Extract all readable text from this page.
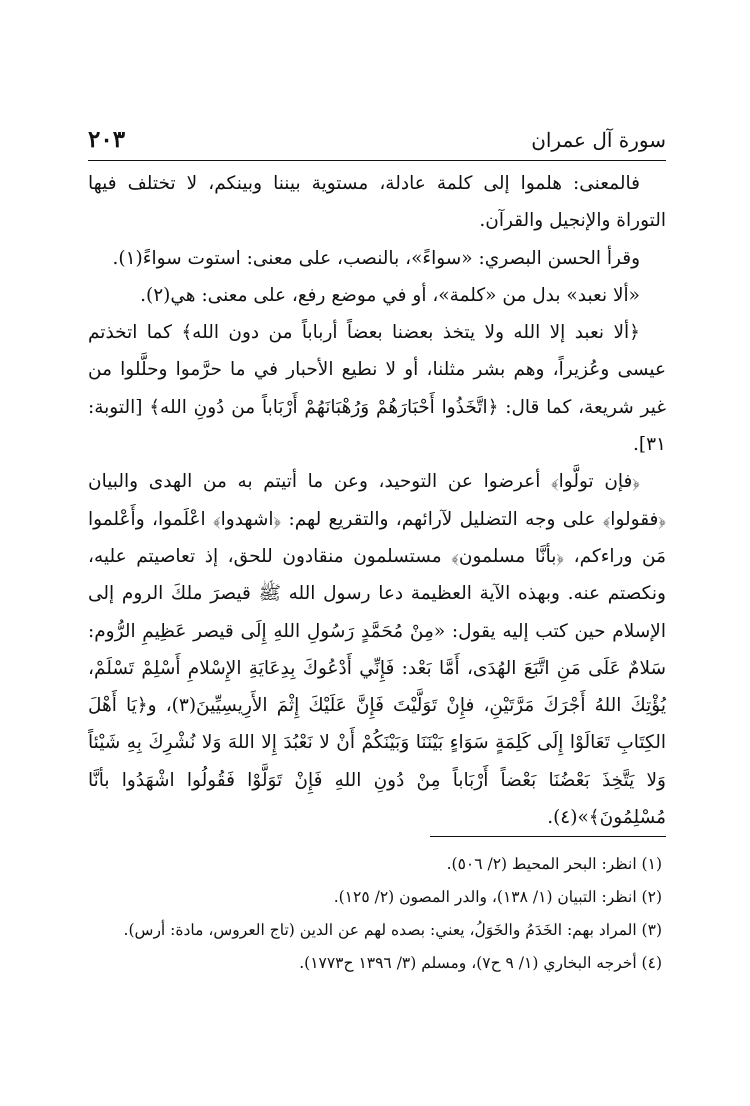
سورة آل عمران
٢٠٣

فالمعنى: هلموا إلى كلمة عادلة، مستوية بيننا وبينكم، لا تختلف فيها التوراة والإنجيل والقرآن.

وقرأ الحسن البصري: «سواءً»، بالنصب، على معنى: استوت سواءً(١).

«ألا نعبد» بدل من «كلمة»، أو في موضع رفع، على معنى: هي(٢).

﴿ألا نعبد إلا الله ولا يتخذ بعضنا بعضاً أرباباً من دون الله﴾ كما اتخذتم عيسى وعُزيراً، وهم بشر مثلنا، أو لا نطيع الأحبار في ما حرَّموا وحلَّلوا من غير شريعة، كما قال: ﴿اتَّخَذُوا أَحْبَارَهُمْ وَرُهْبَانَهُمْ أَرْبَاباً من دُونِ الله﴾ [التوبة: ٣١].

﴿فإن تولَّوا﴾ أعرضوا عن التوحيد، وعن ما أتيتم به من الهدى والبيان ﴿فقولوا﴾ على وجه التضليل لآرائهم، والتقريع لهم: ﴿اشهدوا﴾ اعْلَموا، وأَعْلموا مَن وراءكم، ﴿بأنَّا مسلمون﴾ مستسلمون منقادون للحق، إذ تعاصيتم عليه، ونكصتم عنه. وبهذه الآية العظيمة دعا رسول الله ﷺ قيصرَ ملكَ الروم إلى الإسلام حين كتب إليه يقول: «مِنْ مُحَمَّدٍ رَسُولِ اللهِ إِلَى قيصر عَظِيمِ الرُّوم: سَلامٌ عَلَى مَنِ اتَّبَعَ الهُدَى، أَمَّا بَعْد: فَإِنِّي أَدْعُوكَ بِدِعَايَةِ الإِسْلامِ أَسْلِمْ تَسْلَمْ، يُؤْتِكَ اللهُ أَجْرَكَ مَرَّتَيْنِ، فإِنْ تَوَلَّيْتَ فَإِنَّ عَلَيْكَ إِثْمَ الأَرِيسِيِّينَ(٣)، و﴿يَا أَهْلَ الكِتَابِ تَعَالَوْا إِلَى كَلِمَةٍ سَوَاءٍ بَيْنَنَا وَبَيْنَكُمْ أَنْ لا نَعْبُدَ إِلا اللهَ وَلا نُشْرِكَ بِهِ شَيْئاً وَلا يَتَّخِذَ بَعْضُنَا بَعْضاً أَرْبَاباً مِنْ دُونِ اللهِ فَإِنْ تَوَلَّوْا فَقُولُوا اشْهَدُوا بأنَّا مُسْلِمُونَ﴾»(٤).

(١) انظر: البحر المحيط (٢/ ٥٠٦).
(٢) انظر: التبيان (١/ ١٣٨)، والدر المصون (٢/ ١٢٥).
(٣) المراد بهم: الخَدَمُ والخَوَلُ، يعني: بصده لهم عن الدين (تاج العروس، مادة: أرس).
(٤) أخرجه البخاري (١/ ٩ ح٧)، ومسلم (٣/ ١٣٩٦ ح١٧٧٣).
